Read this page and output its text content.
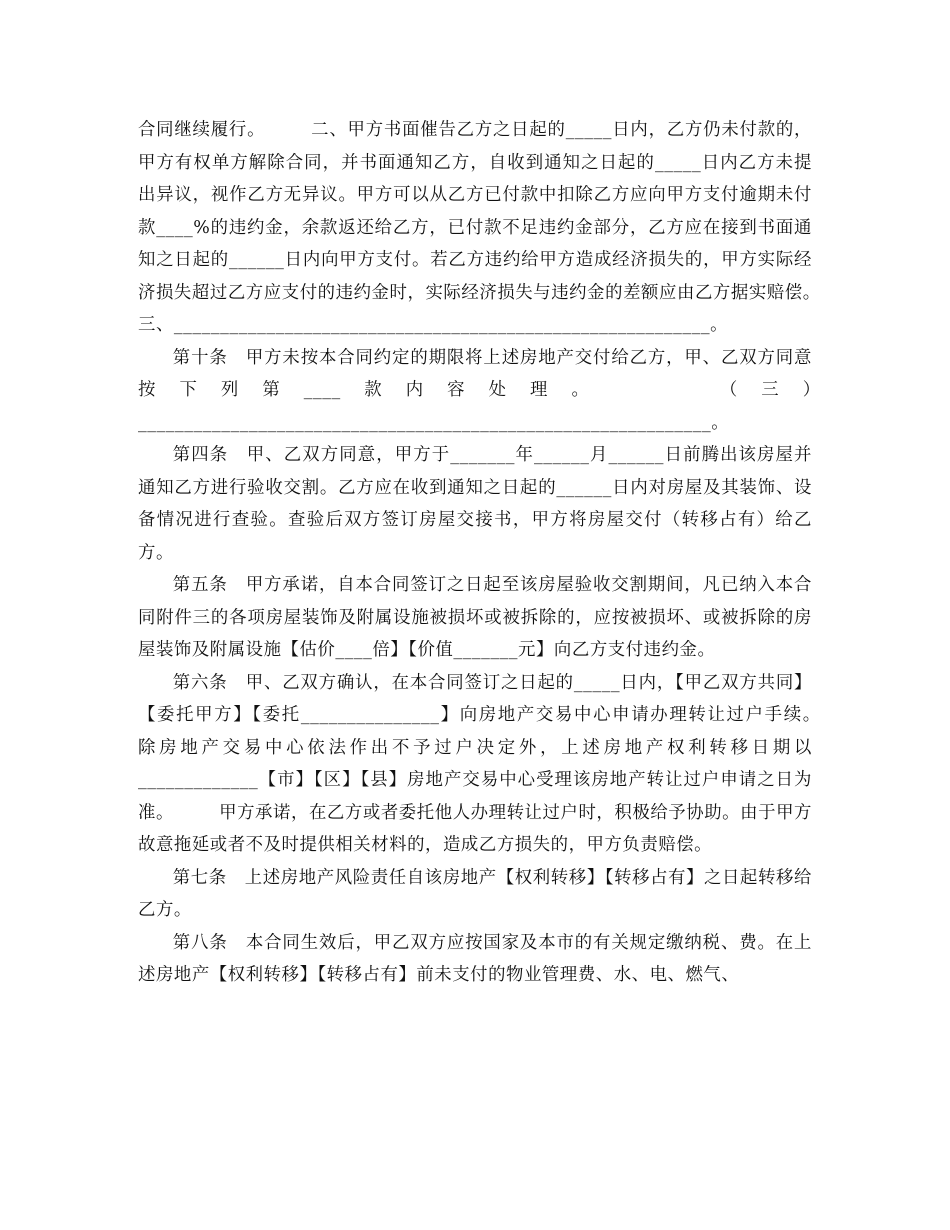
合同继续履行。　　　二、甲方书面催告乙方之日起的_____日内，乙方仍未付款的，甲方有权单方解除合同，并书面通知乙方，自收到通知之日起的_____日内乙方未提出异议，视作乙方无异议。甲方可以从乙方已付款中扣除乙方应向甲方支付逾期未付款____%的违约金，余款返还给乙方，已付款不足违约金部分，乙方应在接到书面通知之日起的______日内向甲方支付。若乙方违约给甲方造成经济损失的，甲方实际经济损失超过乙方应支付的违约金时，实际经济损失与违约金的差额应由乙方据实赔偿。　　　三、__________________________________________________________。

第十条　甲方未按本合同约定的期限将上述房地产交付给乙方，甲、乙双方同意按下列第____款内容处理。　　　（三）　　　　______________________________________________________________。

第四条　甲、乙双方同意，甲方于_______年______月______日前腾出该房屋并通知乙方进行验收交割。乙方应在收到通知之日起的______日内对房屋及其装饰、设备情况进行查验。查验后双方签订房屋交接书，甲方将房屋交付（转移占有）给乙方。

第五条　甲方承诺，自本合同签订之日起至该房屋验收交割期间，凡已纳入本合同附件三的各项房屋装饰及附属设施被损坏或被拆除的，应按被损坏、或被拆除的房屋装饰及附属设施【估价____倍】【价值_______元】向乙方支付违约金。

第六条　甲、乙双方确认，在本合同签订之日起的_____日内，【甲乙双方共同】【委托甲方】【委托_______________】向房地产交易中心申请办理转让过户手续。　　　除房地产交易中心依法作出不予过户决定外，上述房地产权利转移日期以_____________【市】【区】【县】房地产交易中心受理该房地产转让过户申请之日为准。　　　甲方承诺，在乙方或者委托他人办理转让过户时，积极给予协助。由于甲方故意拖延或者不及时提供相关材料的，造成乙方损失的，甲方负责赔偿。

第七条　上述房地产风险责任自该房地产【权利转移】【转移占有】之日起转移给乙方。

第八条　本合同生效后，甲乙双方应按国家及本市的有关规定缴纳税、费。在上述房地产【权利转移】【转移占有】前未支付的物业管理费、水、电、燃气、
